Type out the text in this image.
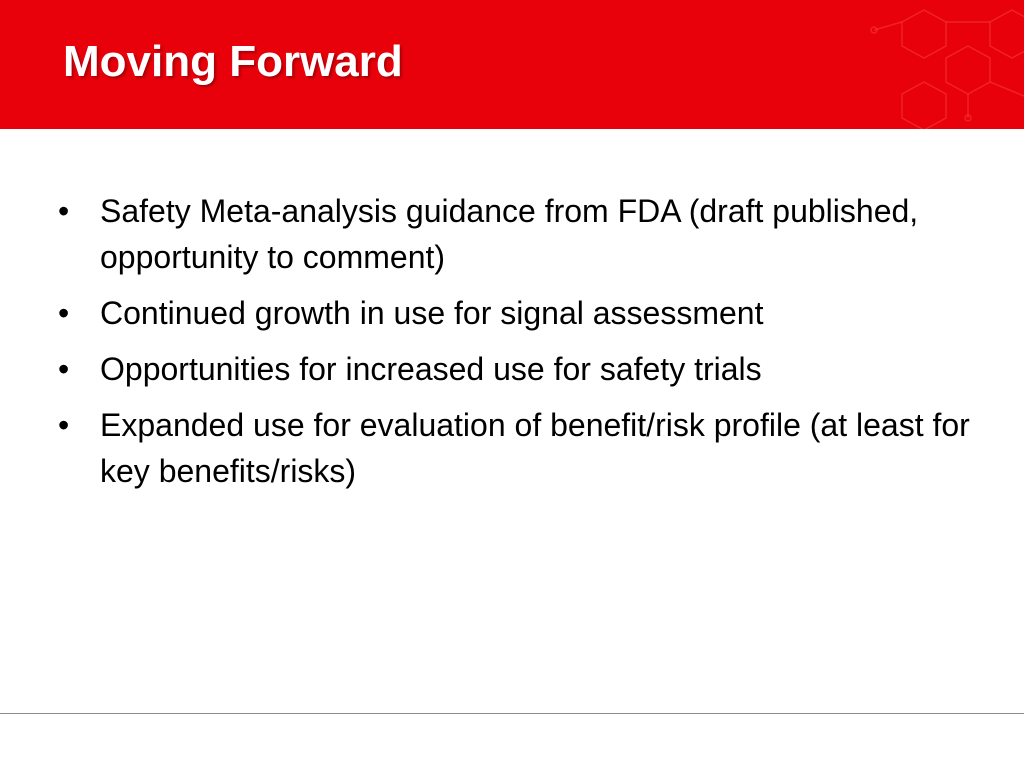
Moving Forward
• Safety Meta-analysis guidance from FDA (draft published, opportunity to comment)
• Continued growth in use for signal assessment
• Opportunities for increased use for safety trials
• Expanded use for evaluation of benefit/risk profile (at least for key benefits/risks)
